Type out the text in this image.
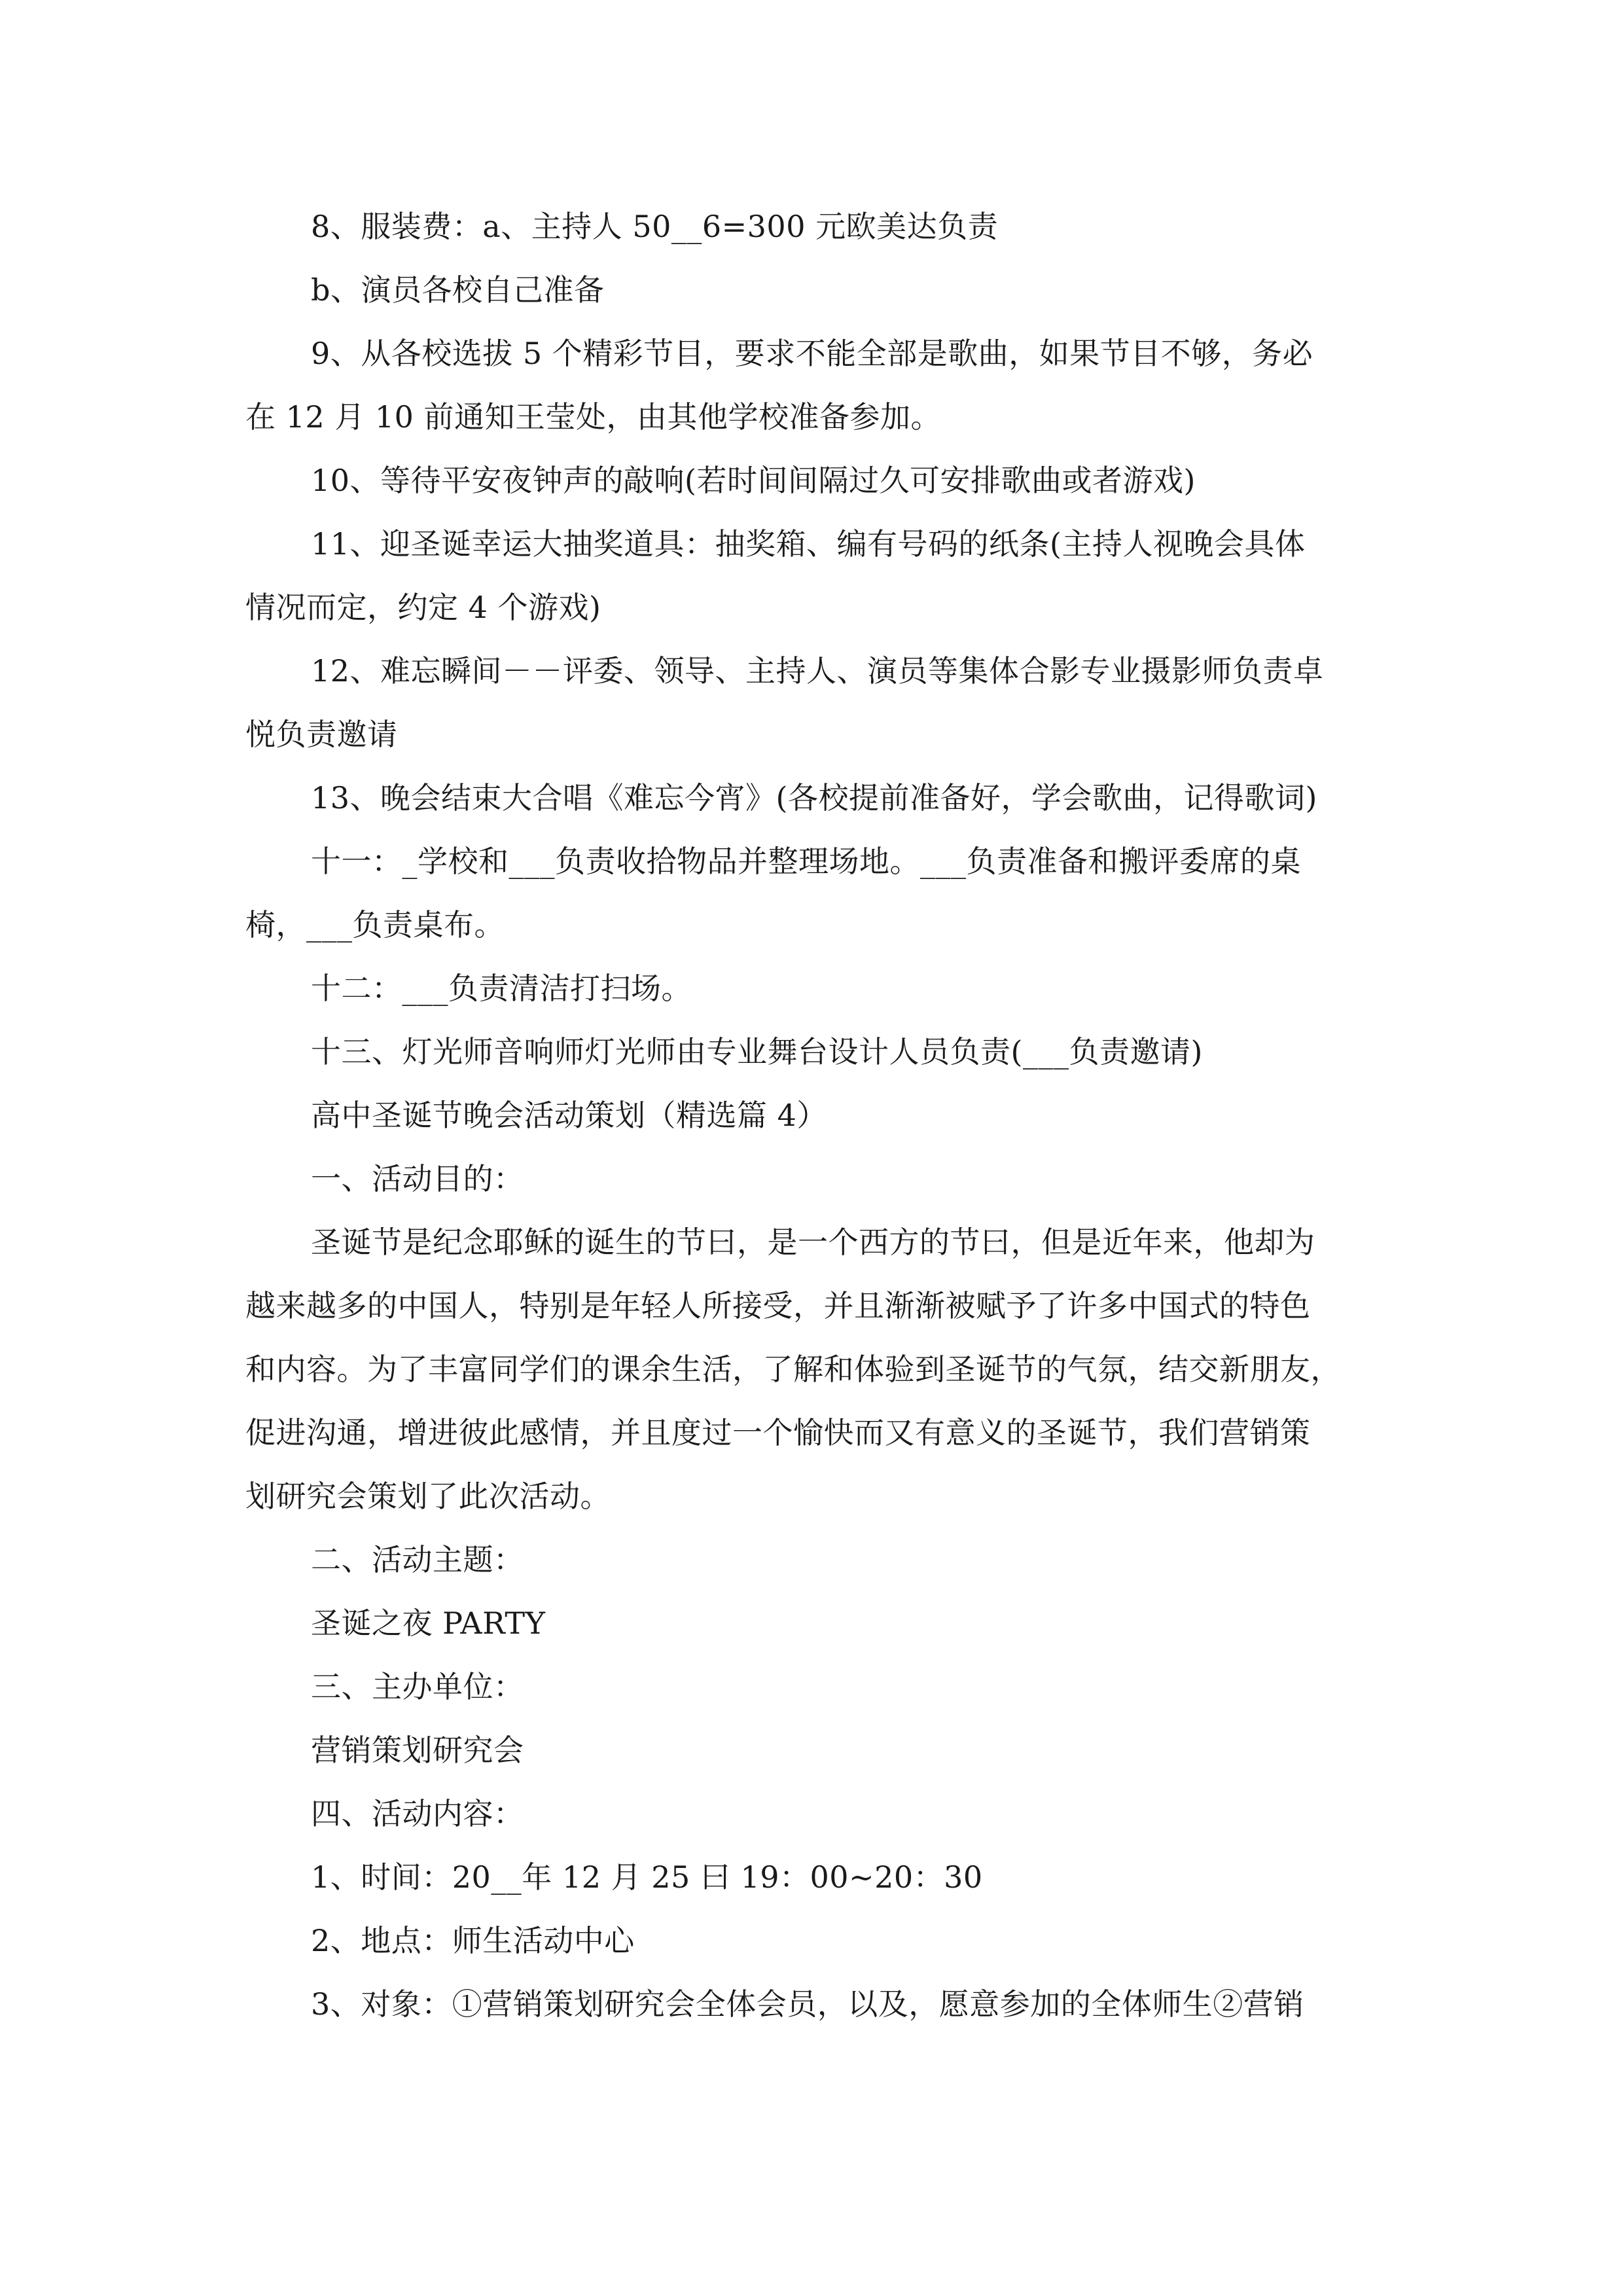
8、服装费：a、主持人 50__6=300 元欧美达负责

b、演员各校自己准备

9、从各校选拔 5 个精彩节目，要求不能全部是歌曲，如果节目不够，务必

在 12 月 10 前通知王莹处，由其他学校准备参加。

10、等待平安夜钟声的敲响(若时间间隔过久可安排歌曲或者游戏)

11、迎圣诞幸运大抽奖道具：抽奖箱、编有号码的纸条(主持人视晚会具体

情况而定，约定 4 个游戏)

12、难忘瞬间－－评委、领导、主持人、演员等集体合影专业摄影师负责卓

悦负责邀请

13、晚会结束大合唱《难忘今宵》(各校提前准备好，学会歌曲，记得歌词)

十一：_学校和___负责收拾物品并整理场地。___负责准备和搬评委席的桌

椅，___负责桌布。

十二：___负责清洁打扫场。

十三、灯光师音响师灯光师由专业舞台设计人员负责(___负责邀请)

高中圣诞节晚会活动策划（精选篇 4）

一、活动目的：

圣诞节是纪念耶稣的诞生的节曰，是一个西方的节曰，但是近年来，他却为

越来越多的中国人，特别是年轻人所接受，并且渐渐被赋予了许多中国式的特色

和内容。为了丰富同学们的课余生活，了解和体验到圣诞节的气氛，结交新朋友，

促进沟通，增进彼此感情，并且度过一个愉快而又有意义的圣诞节，我们营销策

划研究会策划了此次活动。

二、活动主题：

圣诞之夜 PARTY

三、主办单位：

营销策划研究会

四、活动内容：

1、时间：20__年 12 月 25 曰 19：00~20：30

2、地点：师生活动中心

3、对象：①营销策划研究会全体会员，以及，愿意参加的全体师生②营销
